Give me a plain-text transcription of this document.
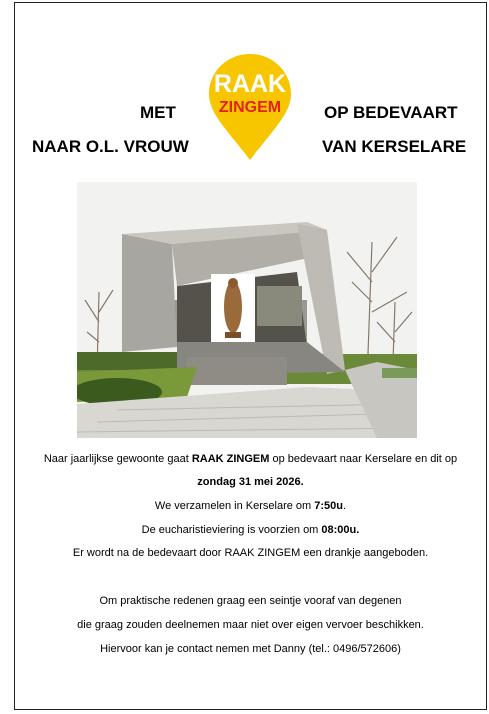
MET	OP BEDEVAART
NAAR O.L. VROUW	VAN KERSELARE
RAAK
ZINGEM
Naar jaarlijkse gewoonte gaat RAAK ZINGEM op bedevaart naar Kerselare en dit op
zondag 31 mei 2026.
We verzamelen in Kerselare om 7:50u.
De eucharistieviering is voorzien om 08:00u.
Er wordt na de bedevaart door RAAK ZINGEM een drankje aangeboden.
Om praktische redenen graag een seintje vooraf van degenen
die graag zouden deelnemen maar niet over eigen vervoer beschikken.
Hiervoor kan je contact nemen met Danny (tel.: 0496/572606)
